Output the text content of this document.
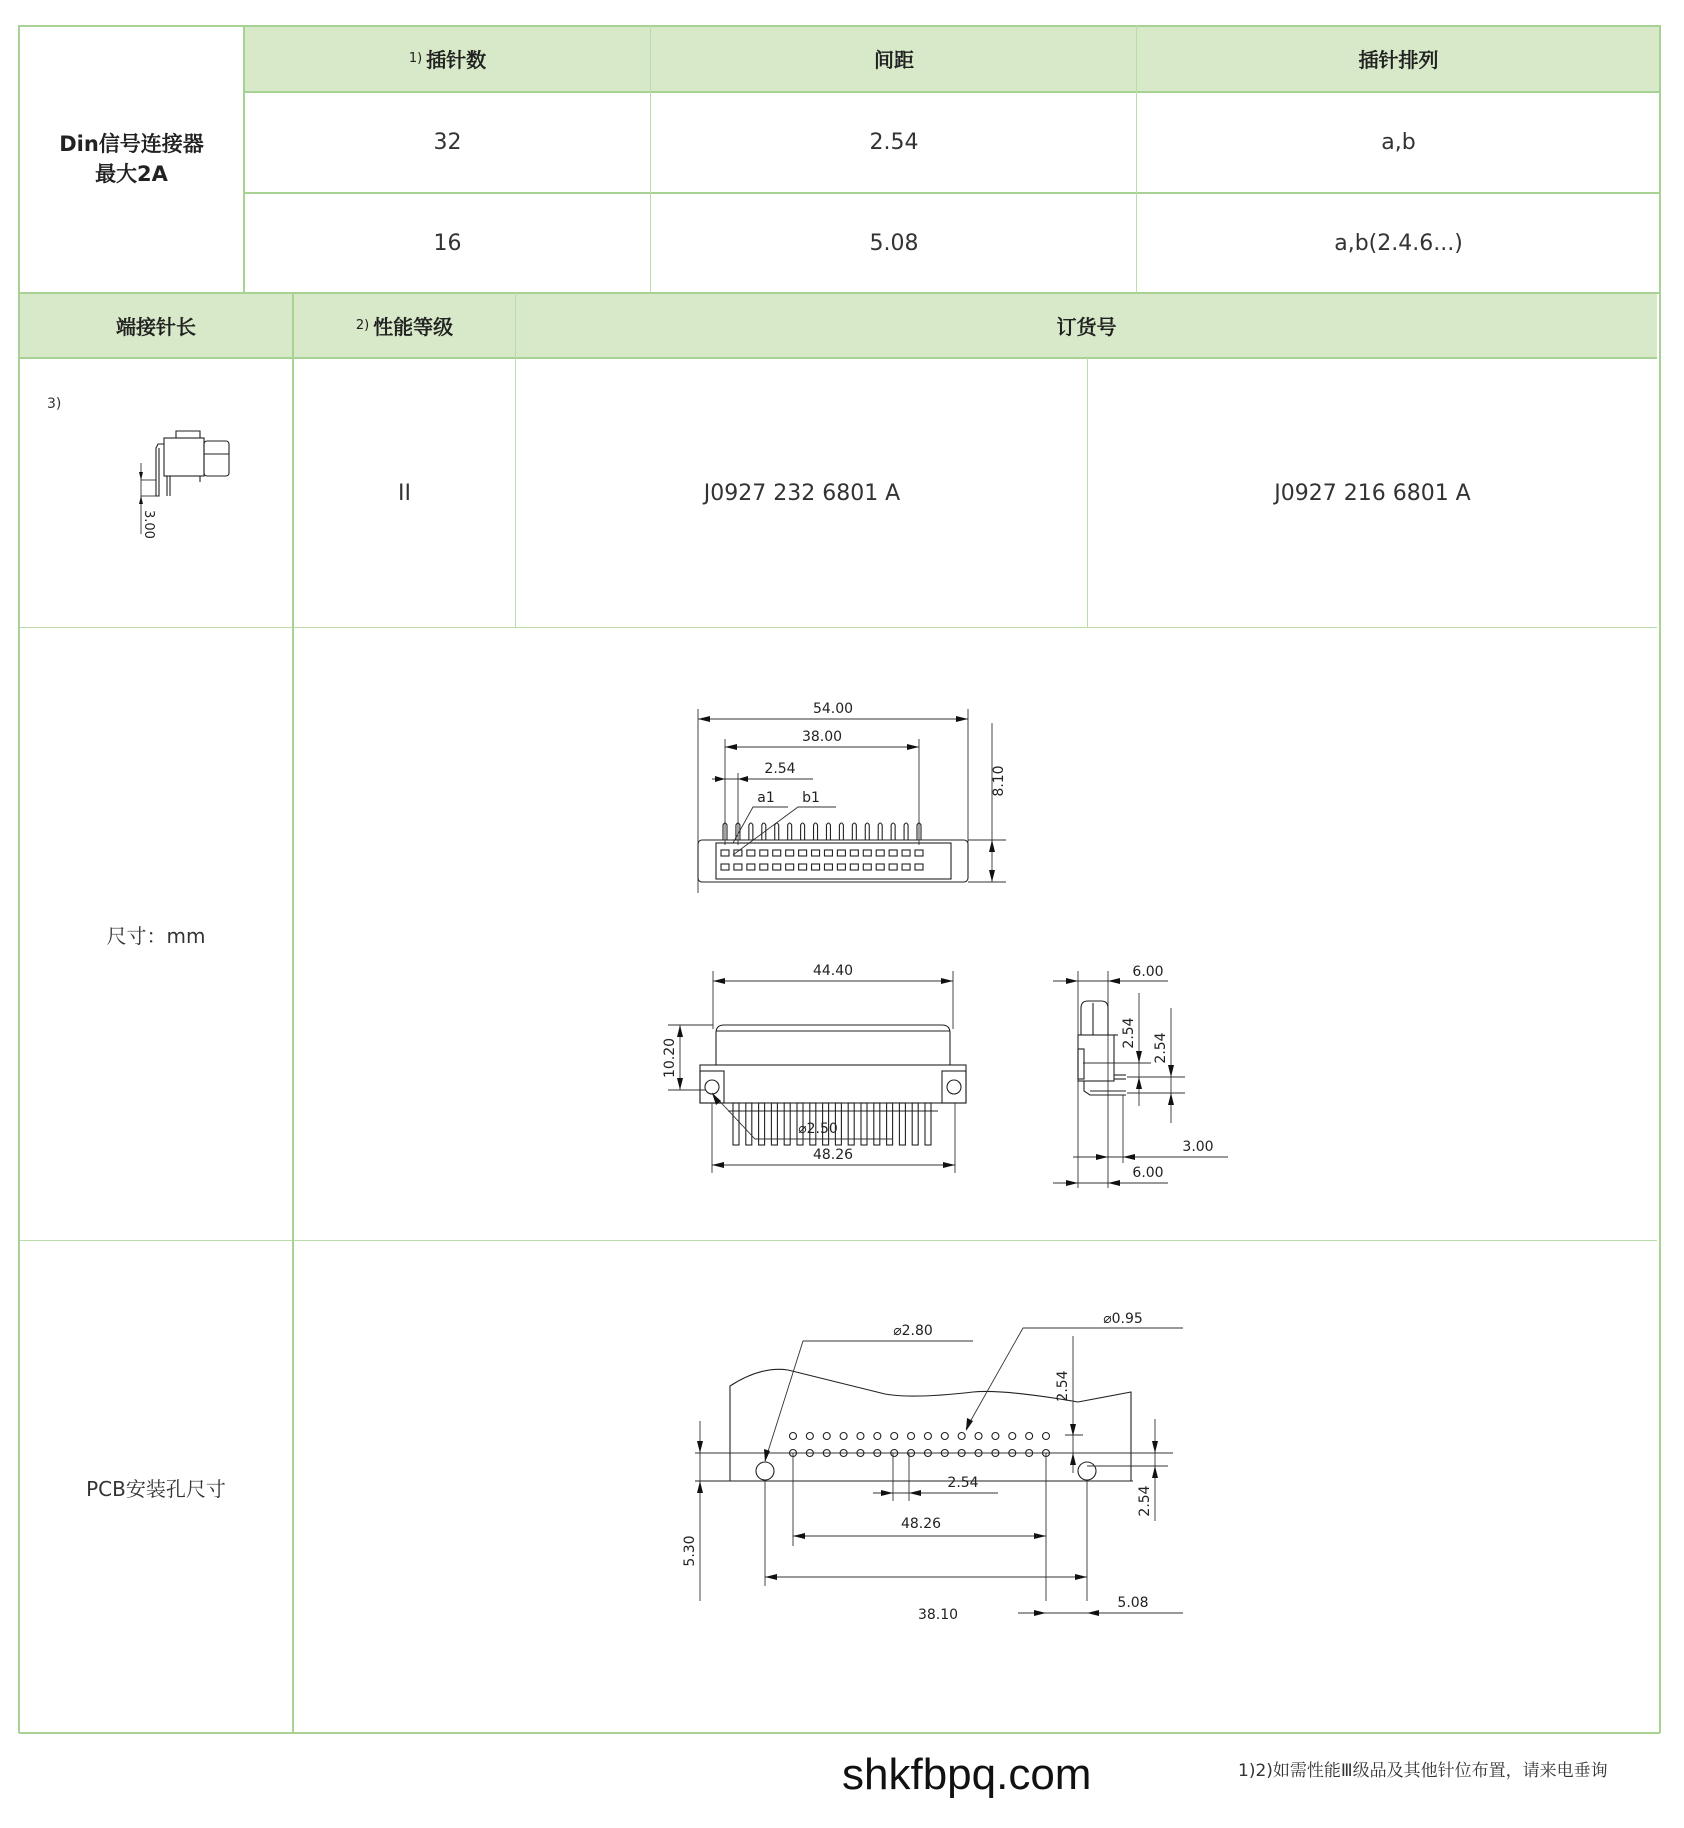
Din信号连接器
最大2A
1) 插针数	间距	插针排列
32	2.54	a,b
16	5.08	a,b(2.4.6...)
端接针长	2) 性能等级	订货号
3)
3.00
II	J0927 232 6801 A	J0927 216 6801 A
尺寸：mm
54.00
38.00
2.54
a1 b1
8.10
44.40
10.20
⌀2.50
48.26
6.00
2.54 2.54
3.00
6.00
PCB安装孔尺寸
⌀2.80
⌀0.95
2.54
2.54
5.30
2.54
48.26
38.10
5.08
shkfbpq.com	1)2)如需性能Ⅲ级品及其他针位布置，请来电垂询
